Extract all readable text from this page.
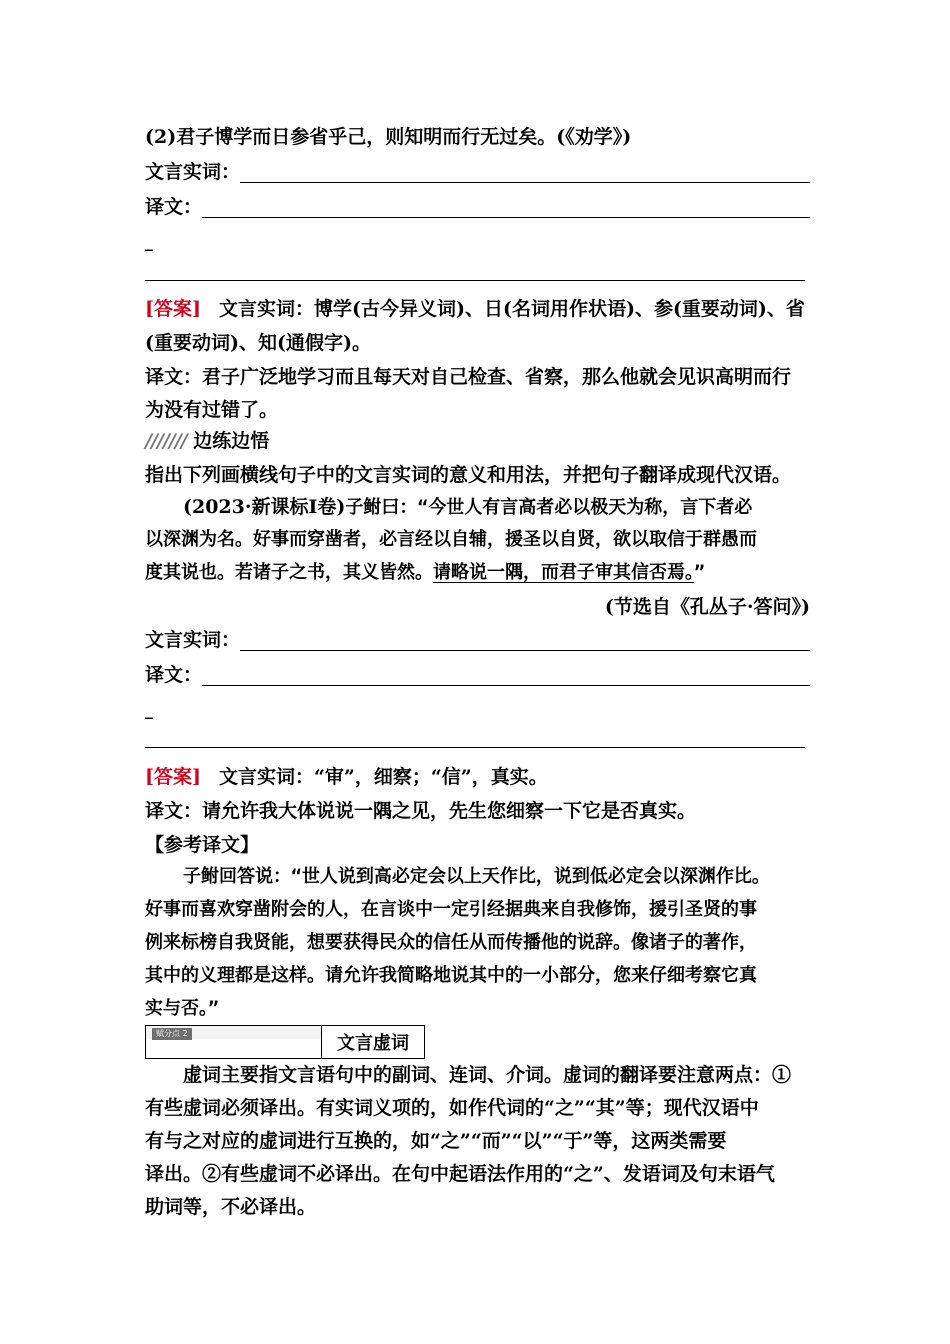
(2)君子博学而日参省乎己，则知明而行无过矣。(《劝学》)
文言实词：
译文：
_
[答案] 文言实词：博学(古今异义词)、日(名词用作状语)、参(重要动词)、省
(重要动词)、知(通假字)。
译文：君子广泛地学习而且每天对自己检查、省察，那么他就会见识高明而行
为没有过错了。
/////// 边练边悟
指出下列画横线句子中的文言实词的意义和用法，并把句子翻译成现代汉语。
(2023·新课标Ⅰ卷)子鲋曰：“今世人有言高者必以极天为称，言下者必
以深渊为名。好事而穿凿者，必言经以自辅，援圣以自贤，欲以取信于群愚而
度其说也。若诸子之书，其义皆然。请略说一隅，而君子审其信否焉。”
(节选自《孔丛子·答问》)
文言实词：
译文：
_
[答案] 文言实词：“审”，细察；“信”，真实。
译文：请允许我大体说说一隅之见，先生您细察一下它是否真实。
【参考译文】
子鲋回答说：“世人说到高必定会以上天作比，说到低必定会以深渊作比。
好事而喜欢穿凿附会的人，在言谈中一定引经据典来自我修饰，援引圣贤的事
例来标榜自我贤能，想要获得民众的信任从而传播他的说辞。像诸子的著作，
其中的义理都是这样。请允许我简略地说其中的一小部分，您来仔细考察它真
实与否。”
赋分点 2	文言虚词
虚词主要指文言语句中的副词、连词、介词。虚词的翻译要注意两点：①
有些虚词必须译出。有实词义项的，如作代词的“之”“其”等；现代汉语中
有与之对应的虚词进行互换的，如“之”“而”“以”“于”等，这两类需要
译出。②有些虚词不必译出。在句中起语法作用的“之”、发语词及句末语气
助词等，不必译出。
